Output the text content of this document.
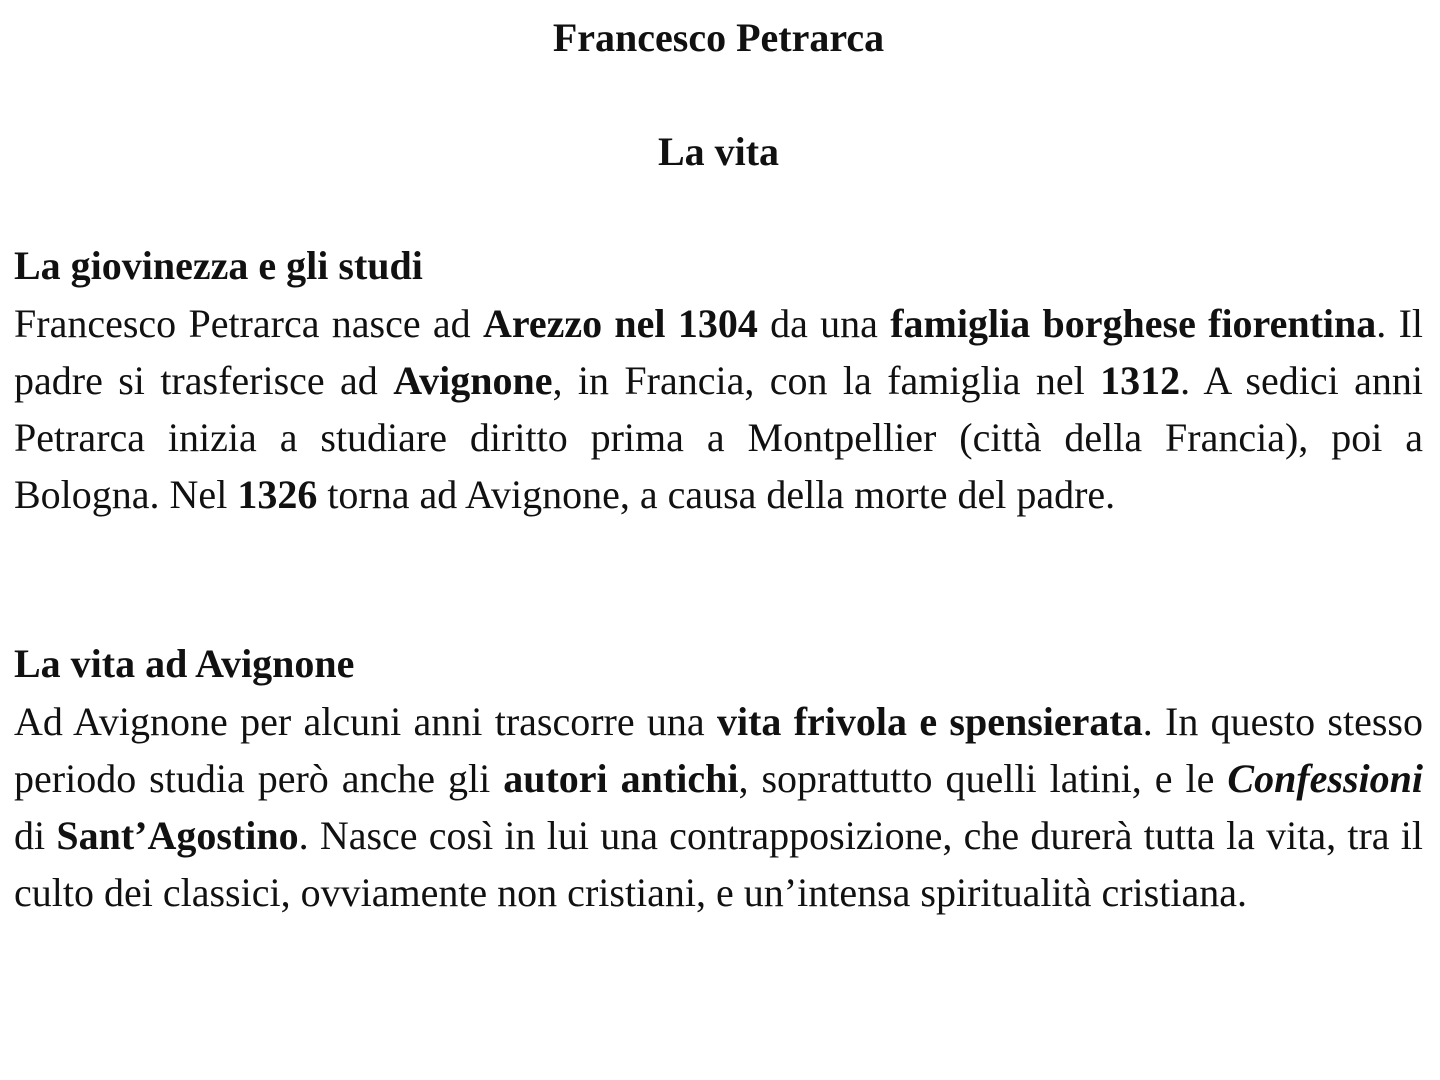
Francesco Petrarca
La vita
La giovinezza e gli studi

Francesco Petrarca nasce ad Arezzo nel 1304 da una famiglia borghese fiorentina. Il padre si trasferisce ad Avignone, in Francia, con la famiglia nel 1312. A sedici anni Petrarca inizia a studiare diritto prima a Montpellier (città della Francia), poi a Bologna. Nel 1326 torna ad Avignone, a causa della morte del padre.

La vita ad Avignone

Ad Avignone per alcuni anni trascorre una vita frivola e spensierata. In questo stesso periodo studia però anche gli autori antichi, soprattutto quelli latini, e le Confessioni di Sant’Agostino. Nasce così in lui una contrapposizione, che durerà tutta la vita, tra il culto dei classici, ovviamente non cristiani, e un’intensa spiritualità cristiana.
